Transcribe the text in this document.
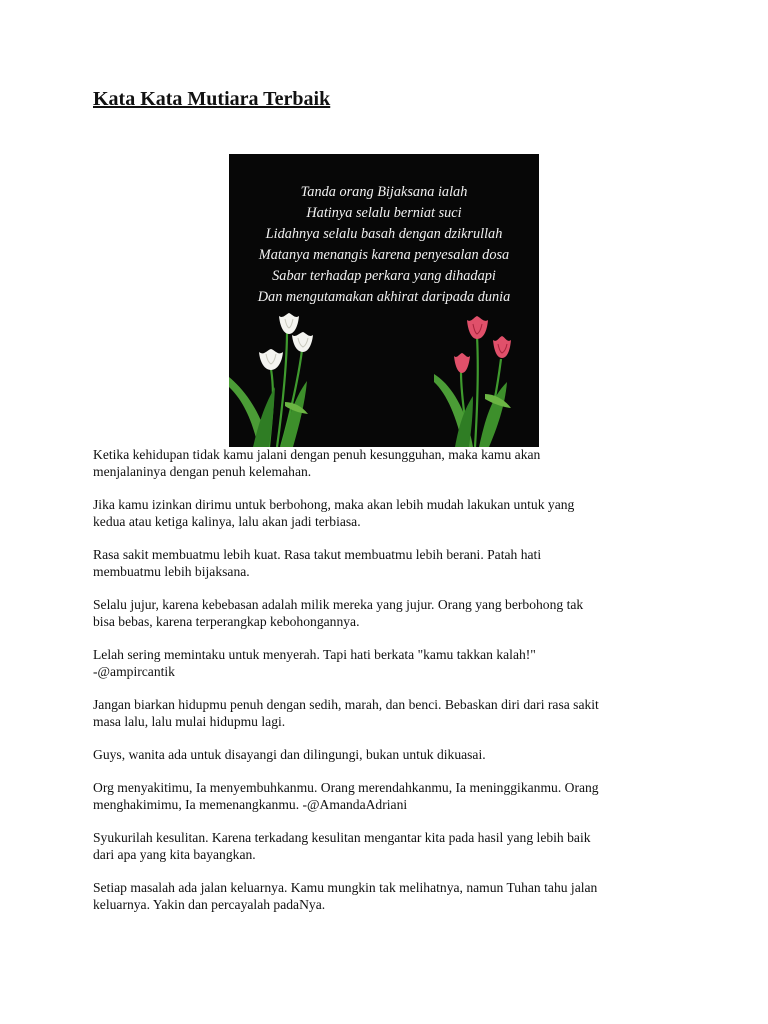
Kata Kata Mutiara Terbaik
Tanda orang Bijaksana ialah
Hatinya selalu berniat suci
Lidahnya selalu basah dengan dzikrullah
Matanya menangis karena penyesalan dosa
Sabar terhadap perkara yang dihadapi
Dan mengutamakan akhirat daripada dunia

Ketika kehidupan tidak kamu jalani dengan penuh kesungguhan, maka kamu akan
menjalaninya dengan penuh kelemahan.

Jika kamu izinkan dirimu untuk berbohong, maka akan lebih mudah lakukan untuk yang
kedua atau ketiga kalinya, lalu akan jadi terbiasa.

Rasa sakit membuatmu lebih kuat. Rasa takut membuatmu lebih berani. Patah hati
membuatmu lebih bijaksana.

Selalu jujur, karena kebebasan adalah milik mereka yang jujur. Orang yang berbohong tak
bisa bebas, karena terperangkap kebohongannya.

Lelah sering memintaku untuk menyerah. Tapi hati berkata "kamu takkan kalah!"
-@ampircantik

Jangan biarkan hidupmu penuh dengan sedih, marah, dan benci. Bebaskan diri dari rasa sakit
masa lalu, lalu mulai hidupmu lagi.

Guys, wanita ada untuk disayangi dan dilingungi, bukan untuk dikuasai.

Org menyakitimu, Ia menyembuhkanmu. Orang merendahkanmu, Ia meninggikanmu. Orang
menghakimimu, Ia memenangkanmu. -@AmandaAdriani

Syukurilah kesulitan. Karena terkadang kesulitan mengantar kita pada hasil yang lebih baik
dari apa yang kita bayangkan.

Setiap masalah ada jalan keluarnya. Kamu mungkin tak melihatnya, namun Tuhan tahu jalan
keluarnya. Yakin dan percayalah padaNya.
